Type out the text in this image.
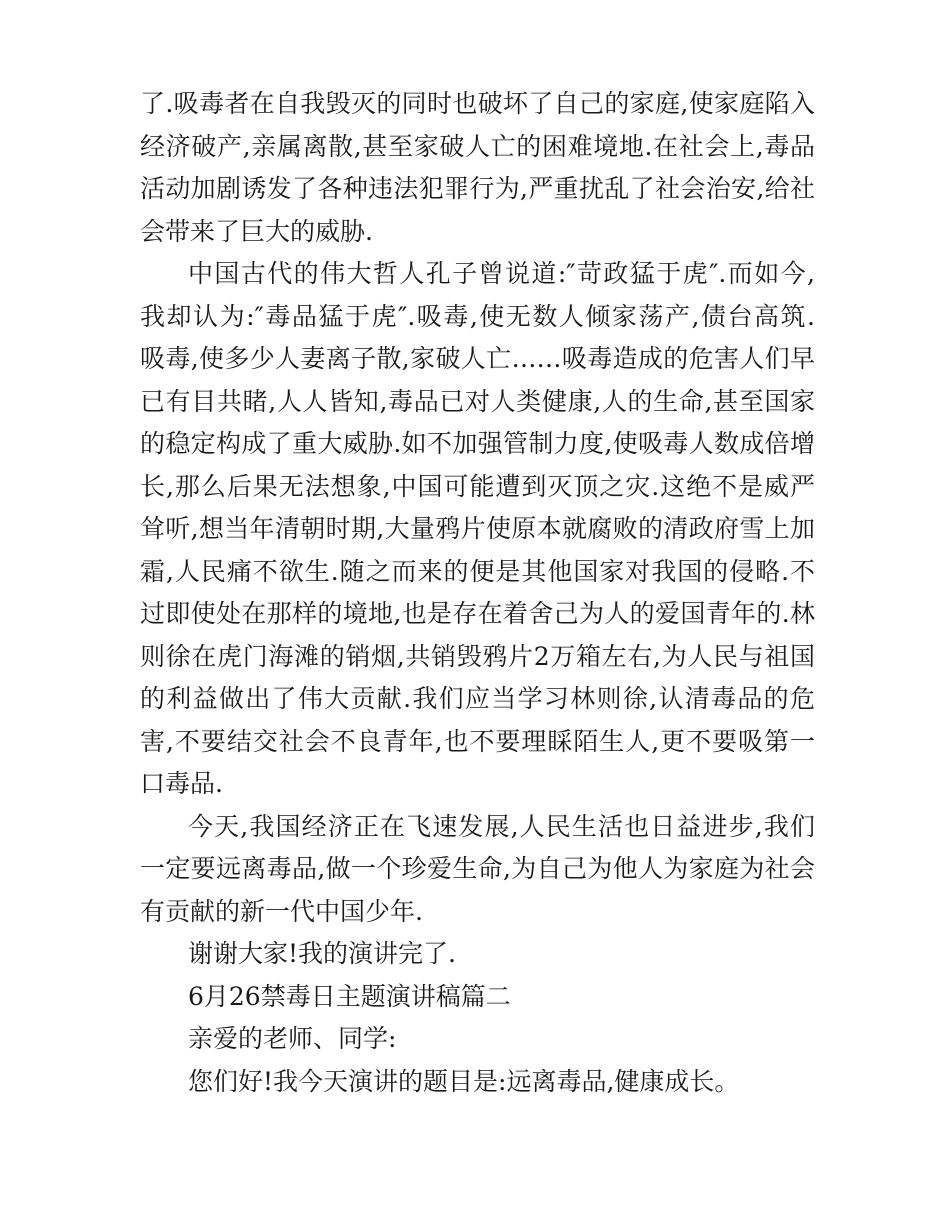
了.吸毒者在自我毁灭的同时也破坏了自己的家庭,使家庭陷入
经济破产,亲属离散,甚至家破人亡的困难境地.在社会上,毒品
活动加剧诱发了各种违法犯罪行为,严重扰乱了社会治安,给社
会带来了巨大的威胁.
中国古代的伟大哲人孔子曾说道:″苛政猛于虎″.而如今,
我却认为:″毒品猛于虎″.吸毒,使无数人倾家荡产,债台高筑.
吸毒,使多少人妻离子散,家破人亡……吸毒造成的危害人们早
已有目共睹,人人皆知,毒品已对人类健康,人的生命,甚至国家
的稳定构成了重大威胁.如不加强管制力度,使吸毒人数成倍增
长,那么后果无法想象,中国可能遭到灭顶之灾.这绝不是威严
耸听,想当年清朝时期,大量鸦片使原本就腐败的清政府雪上加
霜,人民痛不欲生.随之而来的便是其他国家对我国的侵略.不
过即使处在那样的境地,也是存在着舍己为人的爱国青年的.林
则徐在虎门海滩的销烟,共销毁鸦片2万箱左右,为人民与祖国
的利益做出了伟大贡献.我们应当学习林则徐,认清毒品的危
害,不要结交社会不良青年,也不要理睬陌生人,更不要吸第一
口毒品.
今天,我国经济正在飞速发展,人民生活也日益进步,我们
一定要远离毒品,做一个珍爱生命,为自己为他人为家庭为社会
有贡献的新一代中国少年.
谢谢大家!我的演讲完了.
6月26禁毒日主题演讲稿篇二
亲爱的老师、同学:
您们好!我今天演讲的题目是:远离毒品,健康成长。
